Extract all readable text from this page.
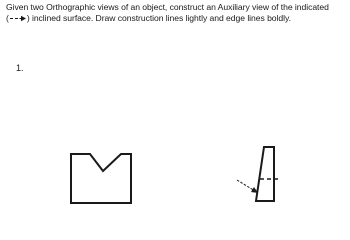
Given two Orthographic views of an object, construct an Auxiliary view of the indicated
( ) inclined surface. Draw construction lines lightly and edge lines boldly.
1.
